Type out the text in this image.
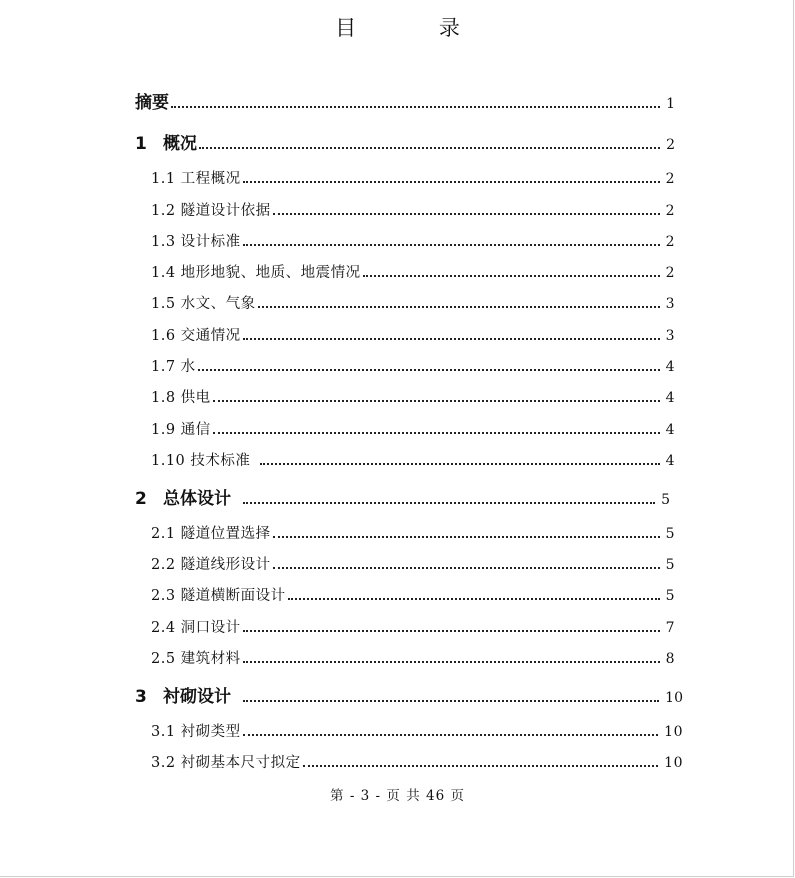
目 录
摘要	1
1 概况	2
1.1 工程概况	2
1.2 隧道设计依据	2
1.3 设计标准	2
1.4 地形地貌、地质、地震情况	2
1.5 水文、气象	3
1.6 交通情况	3
1.7 水	4
1.8 供电	4
1.9 通信	4
1.10 技术标准	4
2 总体设计	5
2.1 隧道位置选择	5
2.2 隧道线形设计	5
2.3 隧道横断面设计	5
2.4 洞口设计	7
2.5 建筑材料	8
3 衬砌设计	10
3.1 衬砌类型	10
3.2 衬砌基本尺寸拟定	10
第 - 3 - 页 共 46 页
